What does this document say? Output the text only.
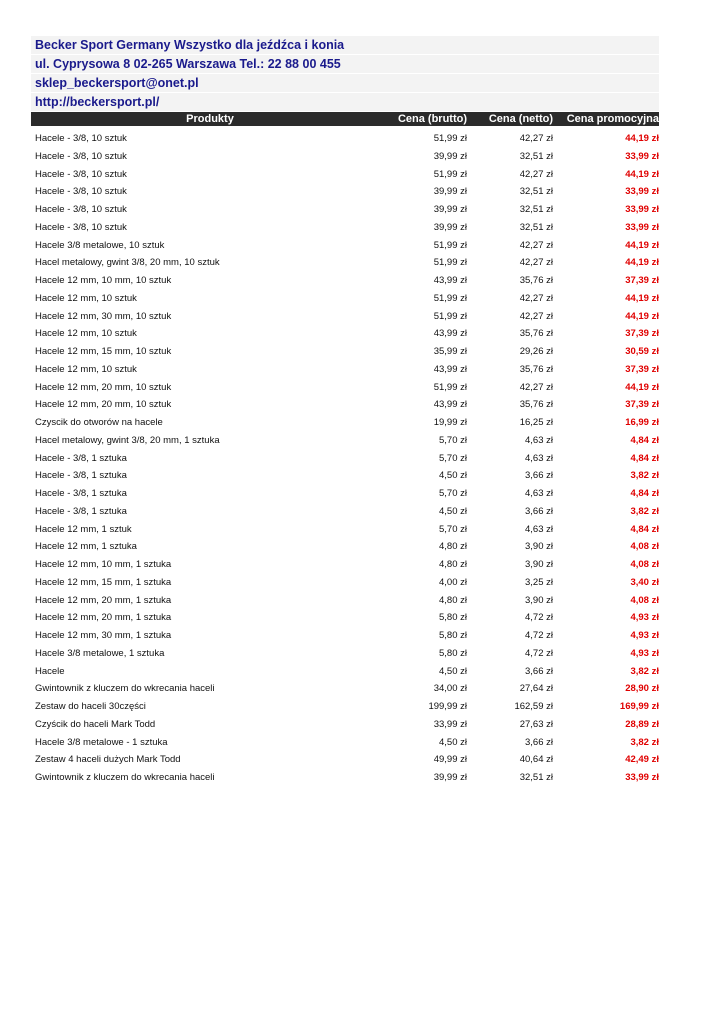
Becker Sport Germany Wszystko dla jeźdźca i konia
ul. Cyprysowa 8 02-265 Warszawa Tel.: 22 88 00 455
sklep_beckersport@onet.pl
http://beckersport.pl/
Produkty	Cena (brutto)	Cena (netto)	Cena promocyjna
Hacele - 3/8, 10 sztuk	51,99 zł	42,27 zł	44,19 zł
Hacele - 3/8, 10 sztuk	39,99 zł	32,51 zł	33,99 zł
Hacele - 3/8, 10 sztuk	51,99 zł	42,27 zł	44,19 zł
Hacele - 3/8, 10 sztuk	39,99 zł	32,51 zł	33,99 zł
Hacele - 3/8, 10 sztuk	39,99 zł	32,51 zł	33,99 zł
Hacele - 3/8, 10 sztuk	39,99 zł	32,51 zł	33,99 zł
Hacele 3/8 metalowe, 10 sztuk	51,99 zł	42,27 zł	44,19 zł
Hacel metalowy, gwint 3/8, 20 mm, 10 sztuk	51,99 zł	42,27 zł	44,19 zł
Hacele 12 mm, 10 mm, 10 sztuk	43,99 zł	35,76 zł	37,39 zł
Hacele 12 mm, 10 sztuk	51,99 zł	42,27 zł	44,19 zł
Hacele 12 mm, 30 mm, 10 sztuk	51,99 zł	42,27 zł	44,19 zł
Hacele 12 mm, 10 sztuk	43,99 zł	35,76 zł	37,39 zł
Hacele 12 mm, 15 mm, 10 sztuk	35,99 zł	29,26 zł	30,59 zł
Hacele 12 mm, 10 sztuk	43,99 zł	35,76 zł	37,39 zł
Hacele 12 mm, 20 mm, 10 sztuk	51,99 zł	42,27 zł	44,19 zł
Hacele 12 mm, 20 mm, 10 sztuk	43,99 zł	35,76 zł	37,39 zł
Czyscik do otworów na hacele	19,99 zł	16,25 zł	16,99 zł
Hacel metalowy, gwint 3/8, 20 mm, 1 sztuka	5,70 zł	4,63 zł	4,84 zł
Hacele - 3/8, 1 sztuka	5,70 zł	4,63 zł	4,84 zł
Hacele - 3/8, 1 sztuka	4,50 zł	3,66 zł	3,82 zł
Hacele - 3/8, 1 sztuka	5,70 zł	4,63 zł	4,84 zł
Hacele - 3/8, 1 sztuka	4,50 zł	3,66 zł	3,82 zł
Hacele 12 mm, 1 sztuk	5,70 zł	4,63 zł	4,84 zł
Hacele 12 mm, 1 sztuka	4,80 zł	3,90 zł	4,08 zł
Hacele 12 mm, 10 mm, 1 sztuka	4,80 zł	3,90 zł	4,08 zł
Hacele 12 mm, 15 mm, 1 sztuka	4,00 zł	3,25 zł	3,40 zł
Hacele 12 mm, 20 mm, 1 sztuka	4,80 zł	3,90 zł	4,08 zł
Hacele 12 mm, 20 mm, 1 sztuka	5,80 zł	4,72 zł	4,93 zł
Hacele 12 mm, 30 mm, 1 sztuka	5,80 zł	4,72 zł	4,93 zł
Hacele 3/8 metalowe, 1 sztuka	5,80 zł	4,72 zł	4,93 zł
Hacele	4,50 zł	3,66 zł	3,82 zł
Gwintownik z kluczem do wkrecania haceli	34,00 zł	27,64 zł	28,90 zł
Zestaw do haceli 30części	199,99 zł	162,59 zł	169,99 zł
Czyścik do haceli Mark Todd	33,99 zł	27,63 zł	28,89 zł
Hacele 3/8 metalowe - 1 sztuka	4,50 zł	3,66 zł	3,82 zł
Zestaw 4 haceli dużych Mark Todd	49,99 zł	40,64 zł	42,49 zł
Gwintownik z kluczem do wkrecania haceli	39,99 zł	32,51 zł	33,99 zł
